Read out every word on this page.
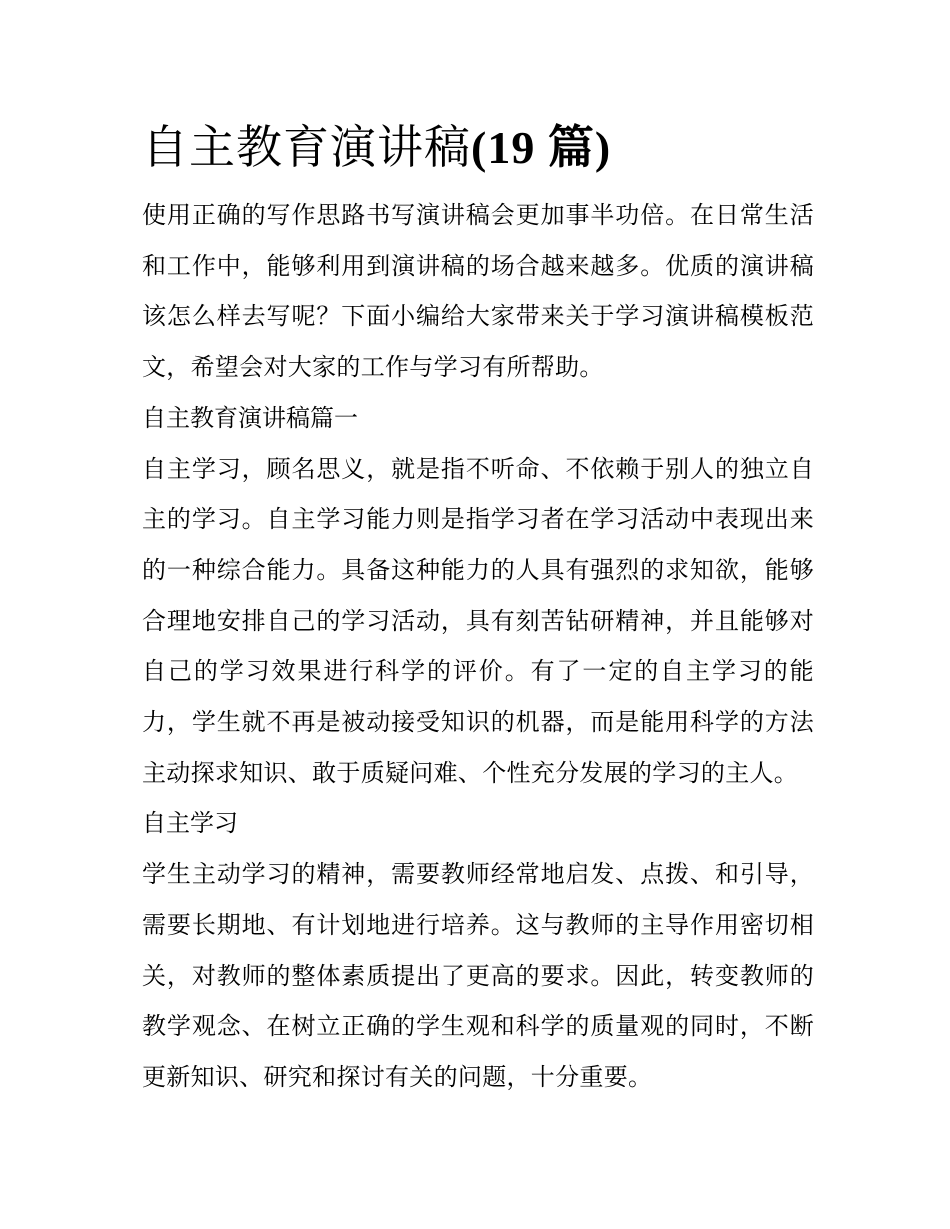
自主教育演讲稿(19 篇)

使用正确的写作思路书写演讲稿会更加事半功倍。在日常生活和工作中，能够利用到演讲稿的场合越来越多。优质的演讲稿该怎么样去写呢？下面小编给大家带来关于学习演讲稿模板范文，希望会对大家的工作与学习有所帮助。

自主教育演讲稿篇一

自主学习，顾名思义，就是指不听命、不依赖于别人的独立自主的学习。自主学习能力则是指学习者在学习活动中表现出来的一种综合能力。具备这种能力的人具有强烈的求知欲，能够合理地安排自己的学习活动，具有刻苦钻研精神，并且能够对自己的学习效果进行科学的评价。有了一定的自主学习的能力，学生就不再是被动接受知识的机器，而是能用科学的方法主动探求知识、敢于质疑问难、个性充分发展的学习的主人。

自主学习

学生主动学习的精神，需要教师经常地启发、点拨、和引导，需要长期地、有计划地进行培养。这与教师的主导作用密切相关，对教师的整体素质提出了更高的要求。因此，转变教师的教学观念、在树立正确的学生观和科学的质量观的同时，不断更新知识、研究和探讨有关的问题，十分重要。
